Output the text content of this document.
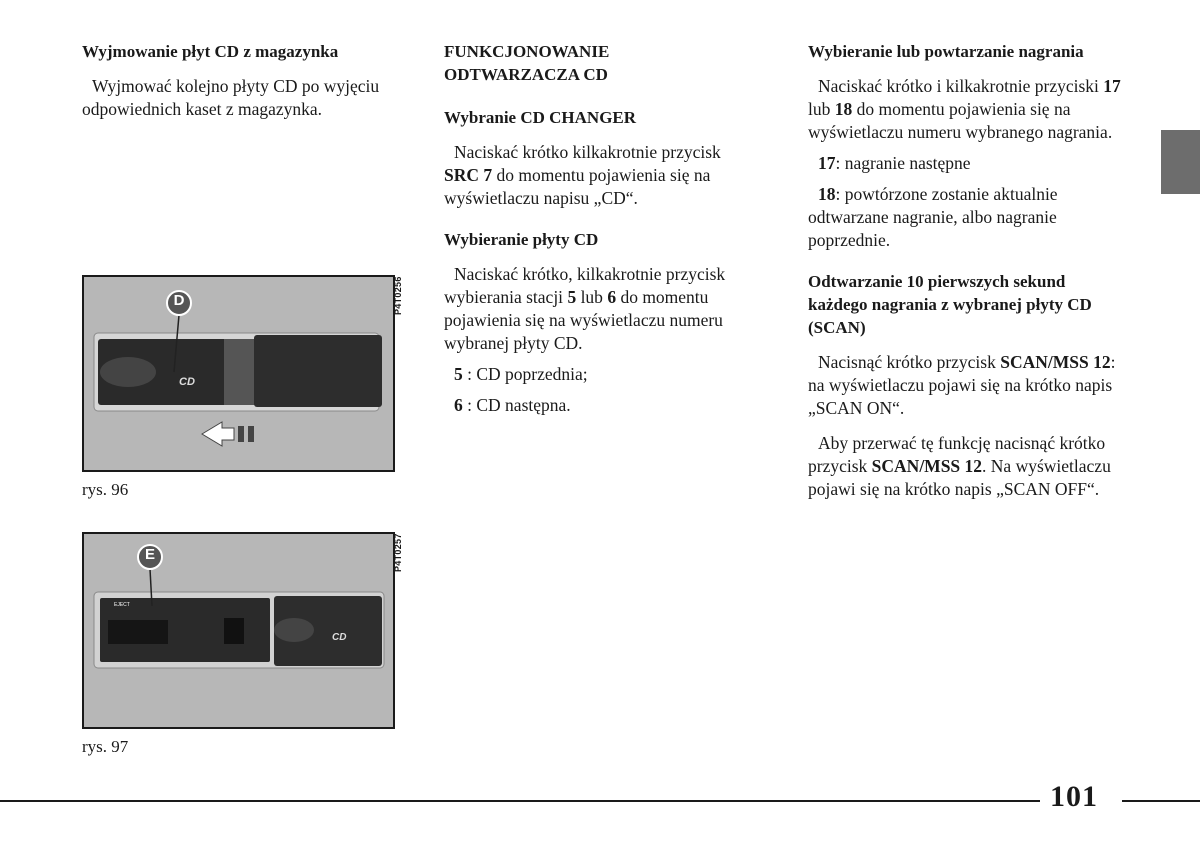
Wyjmowanie płyt CD z magazynka

Wyjmować kolejno płyty CD po wyjęciu odpowiednich kaset z magazynka.

D
CD
P4T0256
rys. 96
E
EJECT
CD
P4T0257
rys. 97
FUNKCJONOWANIE
ODTWARZACZA CD
Wybranie CD CHANGER

Naciskać krótko kilkakrotnie przycisk SRC 7 do momentu pojawienia się na wyświetlaczu napisu „CD“.

Wybieranie płyty CD

Naciskać krótko, kilkakrotnie przycisk wybierania stacji 5 lub 6 do momentu pojawienia się na wyświetlaczu numeru wybranej płyty CD.

5 : CD poprzednia;

6 : CD następna.

Wybieranie lub powtarzanie nagrania

Naciskać krótko i kilkakrotnie przyciski 17 lub 18 do momentu pojawienia się na wyświetlaczu numeru wybranego nagrania.

17: nagranie następne

18: powtórzone zostanie aktualnie odtwarzane nagranie, albo nagranie poprzednie.

Odtwarzanie 10 pierwszych sekund każdego nagrania z wybranej płyty CD (SCAN)

Nacisnąć krótko przycisk SCAN/MSS 12: na wyświetlaczu pojawi się na krótko napis „SCAN ON“.

Aby przerwać tę funkcję nacisnąć krótko przycisk SCAN/MSS 12. Na wyświetlaczu pojawi się na krótko napis „SCAN OFF“.

101
